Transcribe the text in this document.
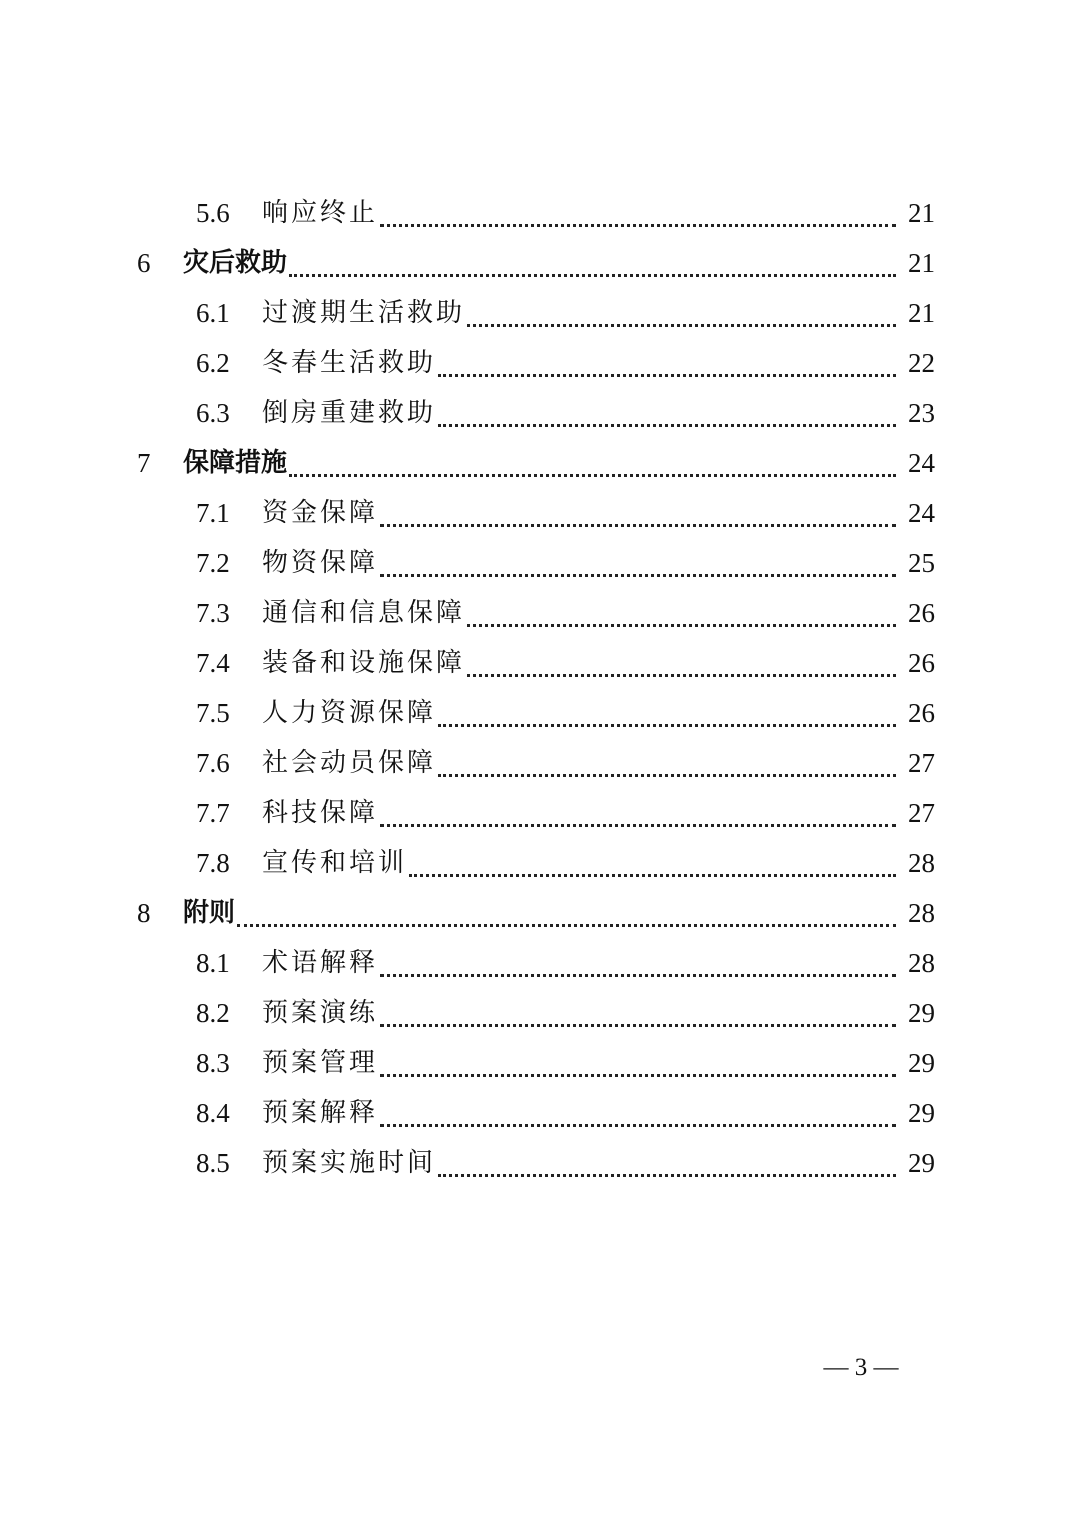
5.6 响应终止	21
6 灾后救助	21
6.1 过渡期生活救助	21
6.2 冬春生活救助	22
6.3 倒房重建救助	23
7 保障措施	24
7.1 资金保障	24
7.2 物资保障	25
7.3 通信和信息保障	26
7.4 装备和设施保障	26
7.5 人力资源保障	26
7.6 社会动员保障	27
7.7 科技保障	27
7.8 宣传和培训	28
8 附则	28
8.1 术语解释	28
8.2 预案演练	29
8.3 预案管理	29
8.4 预案解释	29
8.5 预案实施时间	29
— 3 —
